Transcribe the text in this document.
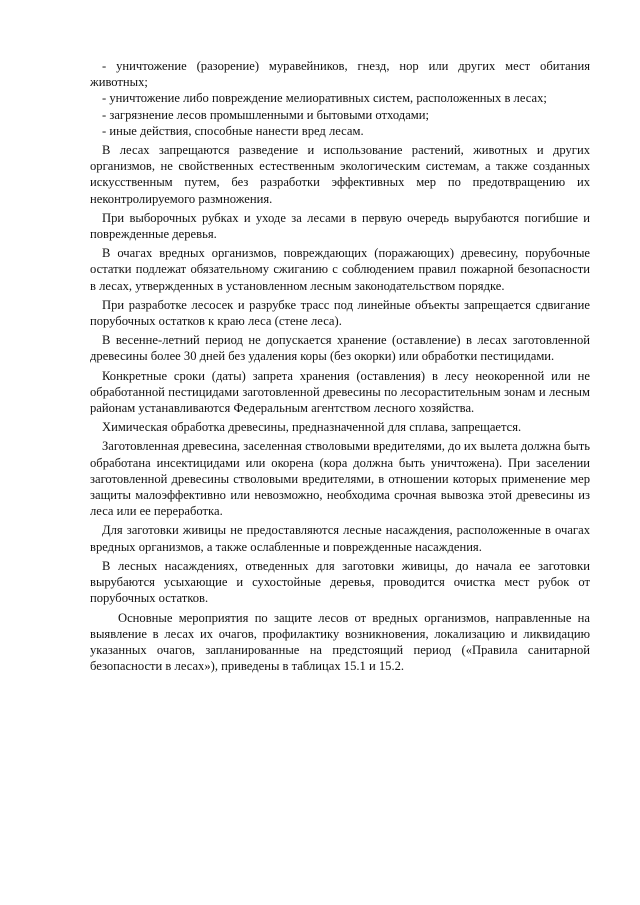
- уничтожение (разорение) муравейников, гнезд, нор или других мест обитания животных;

- уничтожение либо повреждение мелиоративных систем, расположенных в лесах;

- загрязнение лесов промышленными и бытовыми отходами;

- иные действия, способные нанести вред лесам.

В лесах запрещаются разведение и использование растений, животных и других организмов, не свойственных естественным экологическим системам, а также созданных искусственным путем, без разработки эффективных мер по предотвращению их неконтролируемого размножения.

При выборочных рубках и уходе за лесами в первую очередь вырубаются погибшие и поврежденные деревья.

В очагах вредных организмов, повреждающих (поражающих) древесину, порубочные остатки подлежат обязательному сжиганию с соблюдением правил пожарной безопасности в лесах, утвержденных в установленном лесным законодательством порядке.

При разработке лесосек и разрубке трасс под линейные объекты запрещается сдвигание порубочных остатков к краю леса (стене леса).

В весенне-летний период не допускается хранение (оставление) в лесах заготовленной древесины более 30 дней без удаления коры (без окорки) или обработки пестицидами.

Конкретные сроки (даты) запрета хранения (оставления) в лесу неокоренной или не обработанной пестицидами заготовленной древесины по лесорастительным зонам и лесным районам устанавливаются Федеральным агентством лесного хозяйства.

Химическая обработка древесины, предназначенной для сплава, запрещается.

Заготовленная древесина, заселенная стволовыми вредителями, до их вылета должна быть обработана инсектицидами или окорена (кора должна быть уничтожена). При заселении заготовленной древесины стволовыми вредителями, в отношении которых применение мер защиты малоэффективно или невозможно, необходима срочная вывозка этой древесины из леса или ее переработка.

Для заготовки живицы не предоставляются лесные насаждения, расположенные в очагах вредных организмов, а также ослабленные и поврежденные насаждения.

В лесных насаждениях, отведенных для заготовки живицы, до начала ее заготовки вырубаются усыхающие и сухостойные деревья, проводится очистка мест рубок от порубочных остатков.

Основные мероприятия по защите лесов от вредных организмов, направленные на выявление в лесах их очагов, профилактику возникновения, локализацию и ликвидацию указанных очагов, запланированные на предстоящий период («Правила санитарной безопасности в лесах»), приведены в таблицах 15.1 и 15.2.
